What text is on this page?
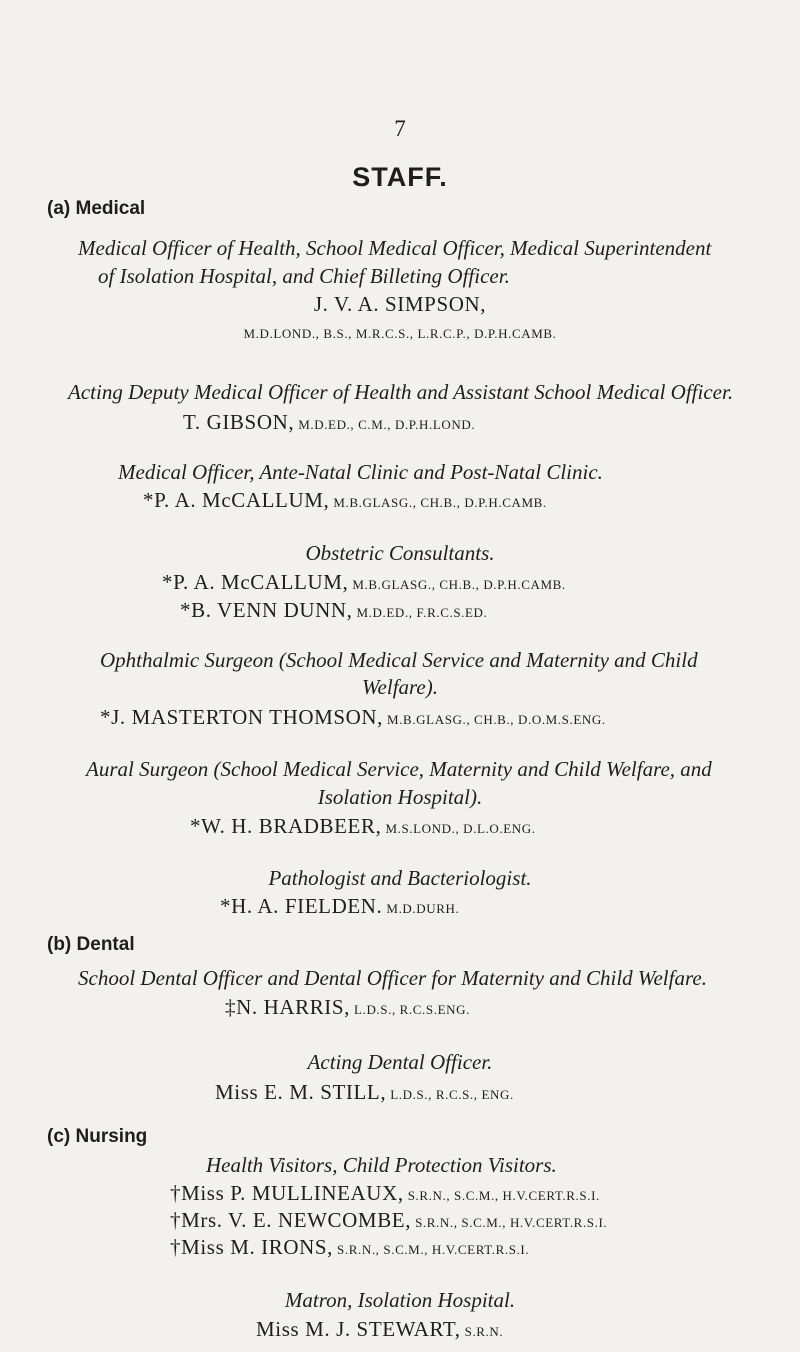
7
STAFF.
(a) Medical
Medical Officer of Health, School Medical Officer, Medical Superintendent
of Isolation Hospital, and Chief Billeting Officer.
J. V. A. SIMPSON,
M.D.LOND., B.S., M.R.C.S., L.R.C.P., D.P.H.CAMB.
Acting Deputy Medical Officer of Health and Assistant School Medical Officer.
T. GIBSON, M.D.ED., C.M., D.P.H.LOND.
Medical Officer, Ante-Natal Clinic and Post-Natal Clinic.
*P. A. McCALLUM, M.B.GLASG., CH.B., D.P.H.CAMB.
Obstetric Consultants.
*P. A. McCALLUM, M.B.GLASG., CH.B., D.P.H.CAMB.
*B. VENN DUNN, M.D.ED., F.R.C.S.ED.
Ophthalmic Surgeon (School Medical Service and Maternity and Child
Welfare).
*J. MASTERTON THOMSON, M.B.GLASG., CH.B., D.O.M.S.ENG.
Aural Surgeon (School Medical Service, Maternity and Child Welfare, and
Isolation Hospital).
*W. H. BRADBEER, M.S.LOND., D.L.O.ENG.
Pathologist and Bacteriologist.
*H. A. FIELDEN. M.D.DURH.
(b) Dental
School Dental Officer and Dental Officer for Maternity and Child Welfare.
‡N. HARRIS, L.D.S., R.C.S.ENG.
Acting Dental Officer.
Miss E. M. STILL, L.D.S., R.C.S., ENG.
(c) Nursing
Health Visitors, Child Protection Visitors.
†Miss P. MULLINEAUX, S.R.N., S.C.M., H.V.CERT.R.S.I.
†Mrs. V. E. NEWCOMBE, S.R.N., S.C.M., H.V.CERT.R.S.I.
†Miss M. IRONS, S.R.N., S.C.M., H.V.CERT.R.S.I.
Matron, Isolation Hospital.
Miss M. J. STEWART, S.R.N.
